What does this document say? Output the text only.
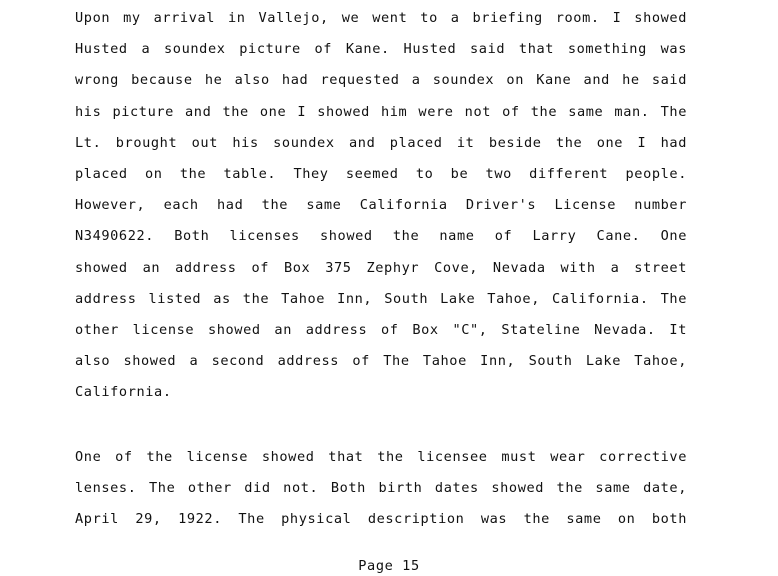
Upon my arrival in Vallejo, we went to a briefing room. I showed
Husted a soundex picture of Kane. Husted said that something was
wrong because he also had requested a soundex on Kane and he said
his picture and the one I showed him were not of the same man. The
Lt. brought out his soundex and placed it beside the one I had
placed on the table. They seemed to be two different people.
However, each had the same California Driver's License number
N3490622. Both licenses showed the name of Larry Cane. One
showed an address of Box 375 Zephyr Cove, Nevada with a street
address listed as the Tahoe Inn, South Lake Tahoe, California. The
other license showed an address of Box "C", Stateline Nevada. It
also showed a second address of The Tahoe Inn, South Lake Tahoe,
California.
One of the license showed that the licensee must wear corrective
lenses. The other did not. Both birth dates showed the same date,
April 29, 1922. The physical description was the same on both
Page 15
